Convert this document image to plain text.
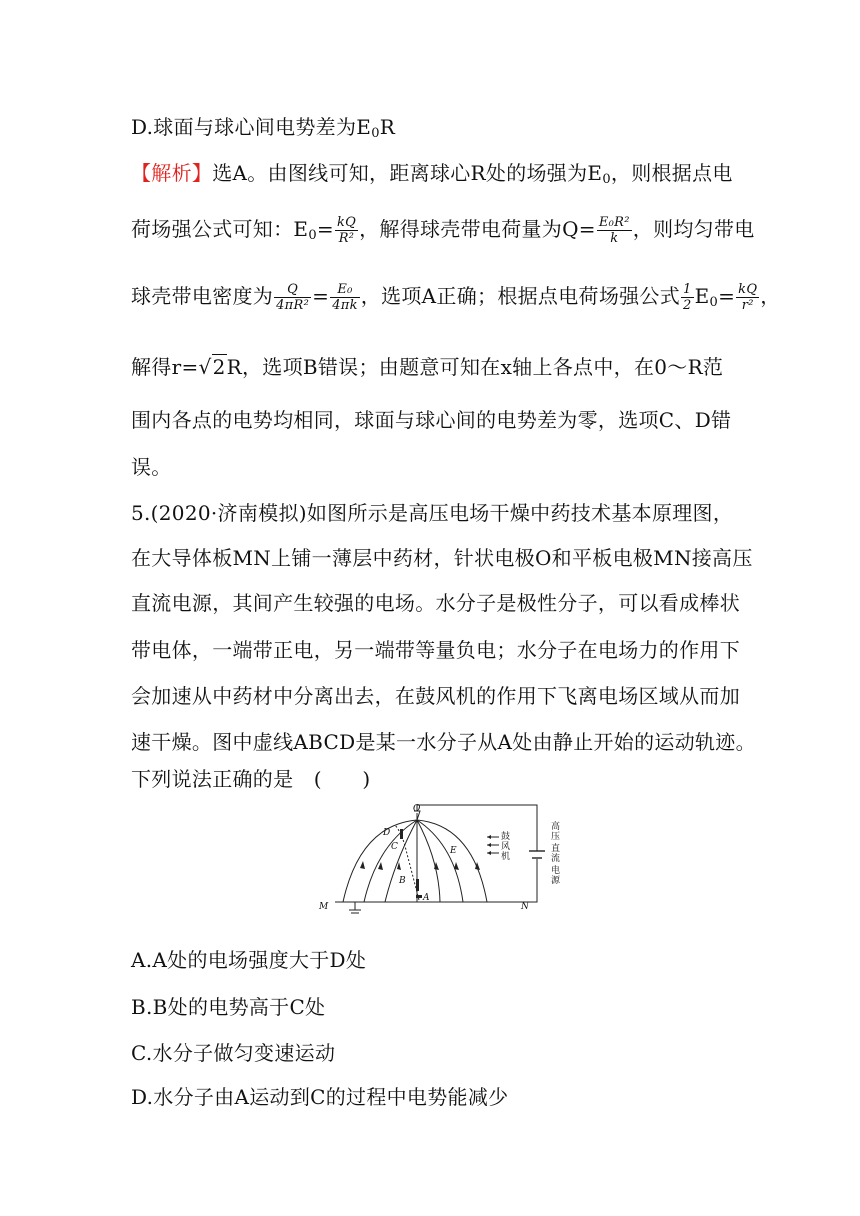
D.球面与球心间电势差为$E_0R$
【解析】选A。由图线可知，距离球心R处的场强为$E_0$，则根据点电
荷场强公式可知：$E_0= \frac{kQ}{\text{R²}}$ ，解得球壳带电荷量为$Q= \frac{\text{E₀R²}}{k}$ ，则均匀带电
球壳带电密度为 $\frac{Q}{\text{4πR²}} = \frac{\text{E₀}}{4\pi k}$ ，选项A正确；根据点电荷场强公式 $\frac{1}{2} E_0= \frac{kQ}{\text{r²}}$ ，
解得r=√2R，选项B错误；由题意可知在x轴上各点中，在0～R范
围内各点的电势均相同，球面与球心间的电势差为零，选项C、D错
误。
5.(2020·济南模拟)如图所示是高压电场干燥中药技术基本原理图，
在大导体板MN上铺一薄层中药材，针状电极O和平板电极MN接高压
直流电源，其间产生较强的电场。水分子是极性分子，可以看成棒状
带电体，一端带正电，另一端带等量负电；水分子在电场力的作用下
会加速从中药材中分离出去，在鼓风机的作用下飞离电场区域从而加
速干燥。图中虚线ABCD是某一水分子从A处由静止开始的运动轨迹。
下列说法正确的是　(　　)
O
D
C
B
A
E
M	N
鼓
风
机
高
压
直
流
电
源
A.A处的电场强度大于D处
B.B处的电势高于C处
C.水分子做匀变速运动
D.水分子由A运动到C的过程中电势能减少
